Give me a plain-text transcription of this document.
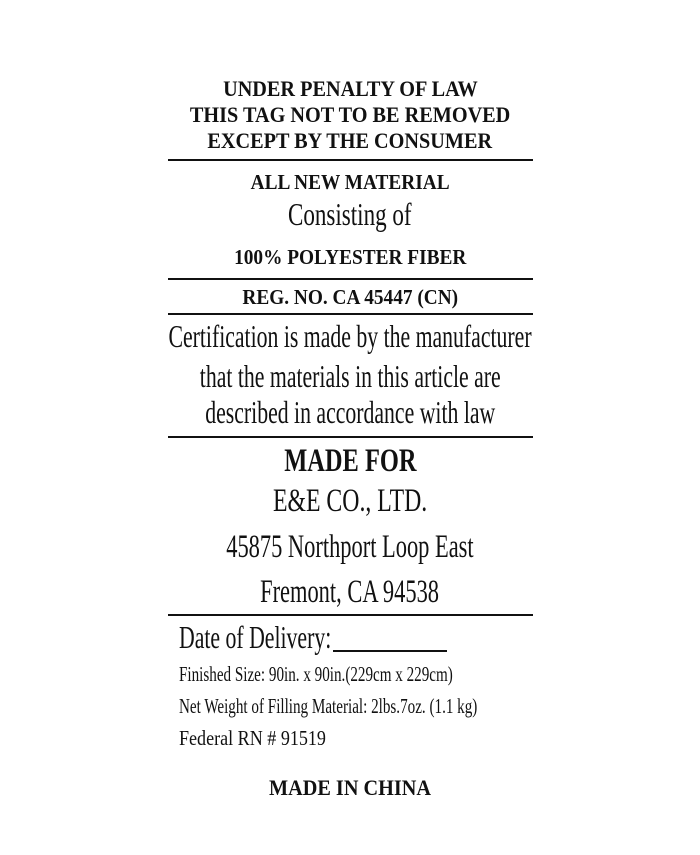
UNDER PENALTY OF LAW
THIS TAG NOT TO BE REMOVED
EXCEPT BY THE CONSUMER
ALL NEW MATERIAL
Consisting of
100% POLYESTER FIBER
REG. NO. CA 45447 (CN)
Certification is made by the manufacturer
that the materials in this article are
described in accordance with law
MADE FOR
E&E CO., LTD.
45875 Northport Loop East
Fremont, CA 94538
Date of Delivery:
Finished Size: 90in. x 90in.(229cm x 229cm)
Net Weight of Filling Material: 2lbs.7oz. (1.1 kg)
Federal RN # 91519
MADE IN CHINA
